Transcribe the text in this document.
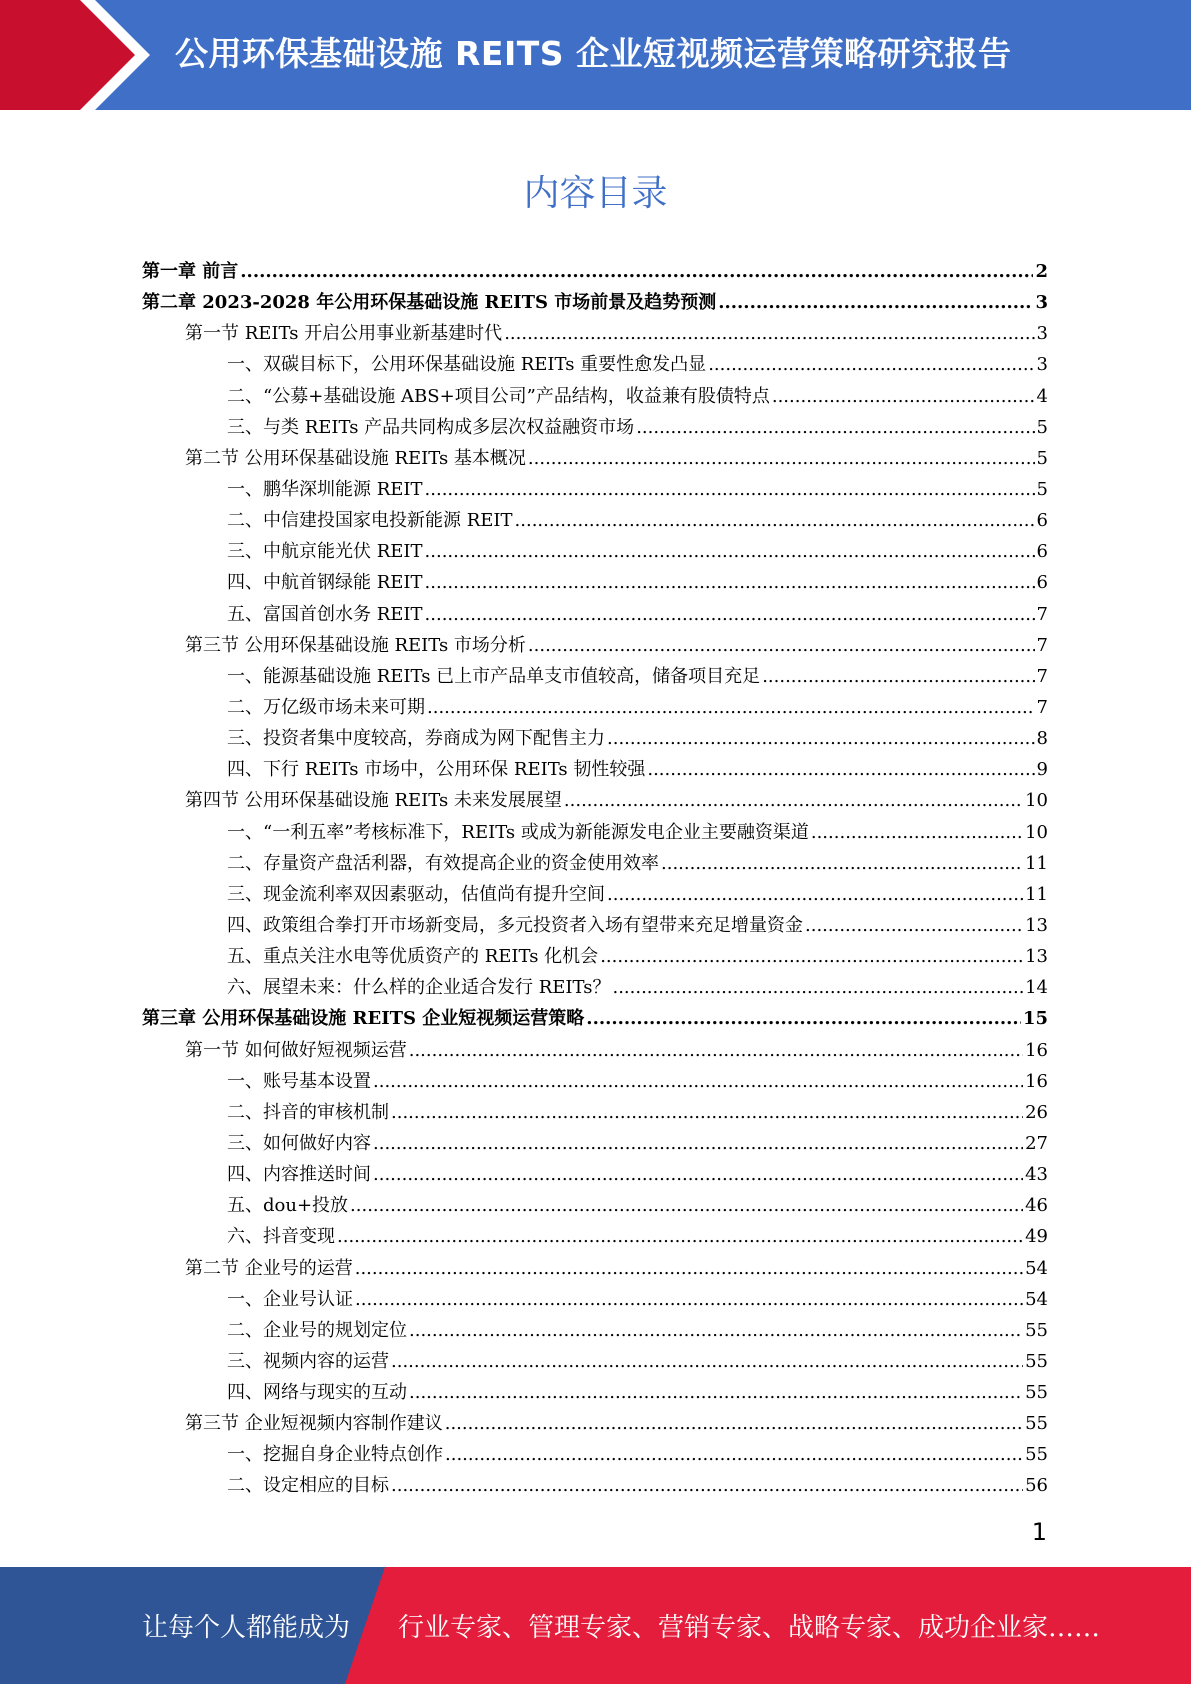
公用环保基础设施 REITS 企业短视频运营策略研究报告
内容目录
第一章 前言 .....	2
第二章 2023-2028 年公用环保基础设施 REITS 市场前景及趋势预测 .....	3
第一节 REITs 开启公用事业新基建时代 .....	3
一、双碳目标下，公用环保基础设施 REITs 重要性愈发凸显 .....	3
二、“公募+基础设施 ABS+项目公司”产品结构，收益兼有股债特点 .....	4
三、与类 REITs 产品共同构成多层次权益融资市场 .....	5
第二节 公用环保基础设施 REITs 基本概况 .....	5
一、鹏华深圳能源 REIT .....	5
二、中信建投国家电投新能源 REIT .....	6
三、中航京能光伏 REIT .....	6
四、中航首钢绿能 REIT .....	6
五、富国首创水务 REIT .....	7
第三节 公用环保基础设施 REITs 市场分析 .....	7
一、能源基础设施 REITs 已上市产品单支市值较高，储备项目充足 .....	7
二、万亿级市场未来可期 .....	7
三、投资者集中度较高，券商成为网下配售主力 .....	8
四、下行 REITs 市场中，公用环保 REITs 韧性较强 .....	9
第四节 公用环保基础设施 REITs 未来发展展望 .....	10
一、“一利五率”考核标准下，REITs 或成为新能源发电企业主要融资渠道 .....	10
二、存量资产盘活利器，有效提高企业的资金使用效率 .....	11
三、现金流利率双因素驱动，估值尚有提升空间 .....	11
四、政策组合拳打开市场新变局，多元投资者入场有望带来充足增量资金 .....	13
五、重点关注水电等优质资产的 REITs 化机会 .....	13
六、展望未来：什么样的企业适合发行 REITs？ .....	14
第三章 公用环保基础设施 REITS 企业短视频运营策略 .....	15
第一节 如何做好短视频运营 .....	16
一、账号基本设置 .....	16
二、抖音的审核机制 .....	26
三、如何做好内容 .....	27
四、内容推送时间 .....	43
五、dou+投放 .....	46
六、抖音变现 .....	49
第二节 企业号的运营 .....	54
一、企业号认证 .....	54
二、企业号的规划定位 .....	55
三、视频内容的运营 .....	55
四、网络与现实的互动 .....	55
第三节 企业短视频内容制作建议 .....	55
一、挖掘自身企业特点创作 .....	55
二、设定相应的目标 .....	56
1
让每个人都能成为 行业专家、管理专家、营销专家、战略专家、成功企业家……
